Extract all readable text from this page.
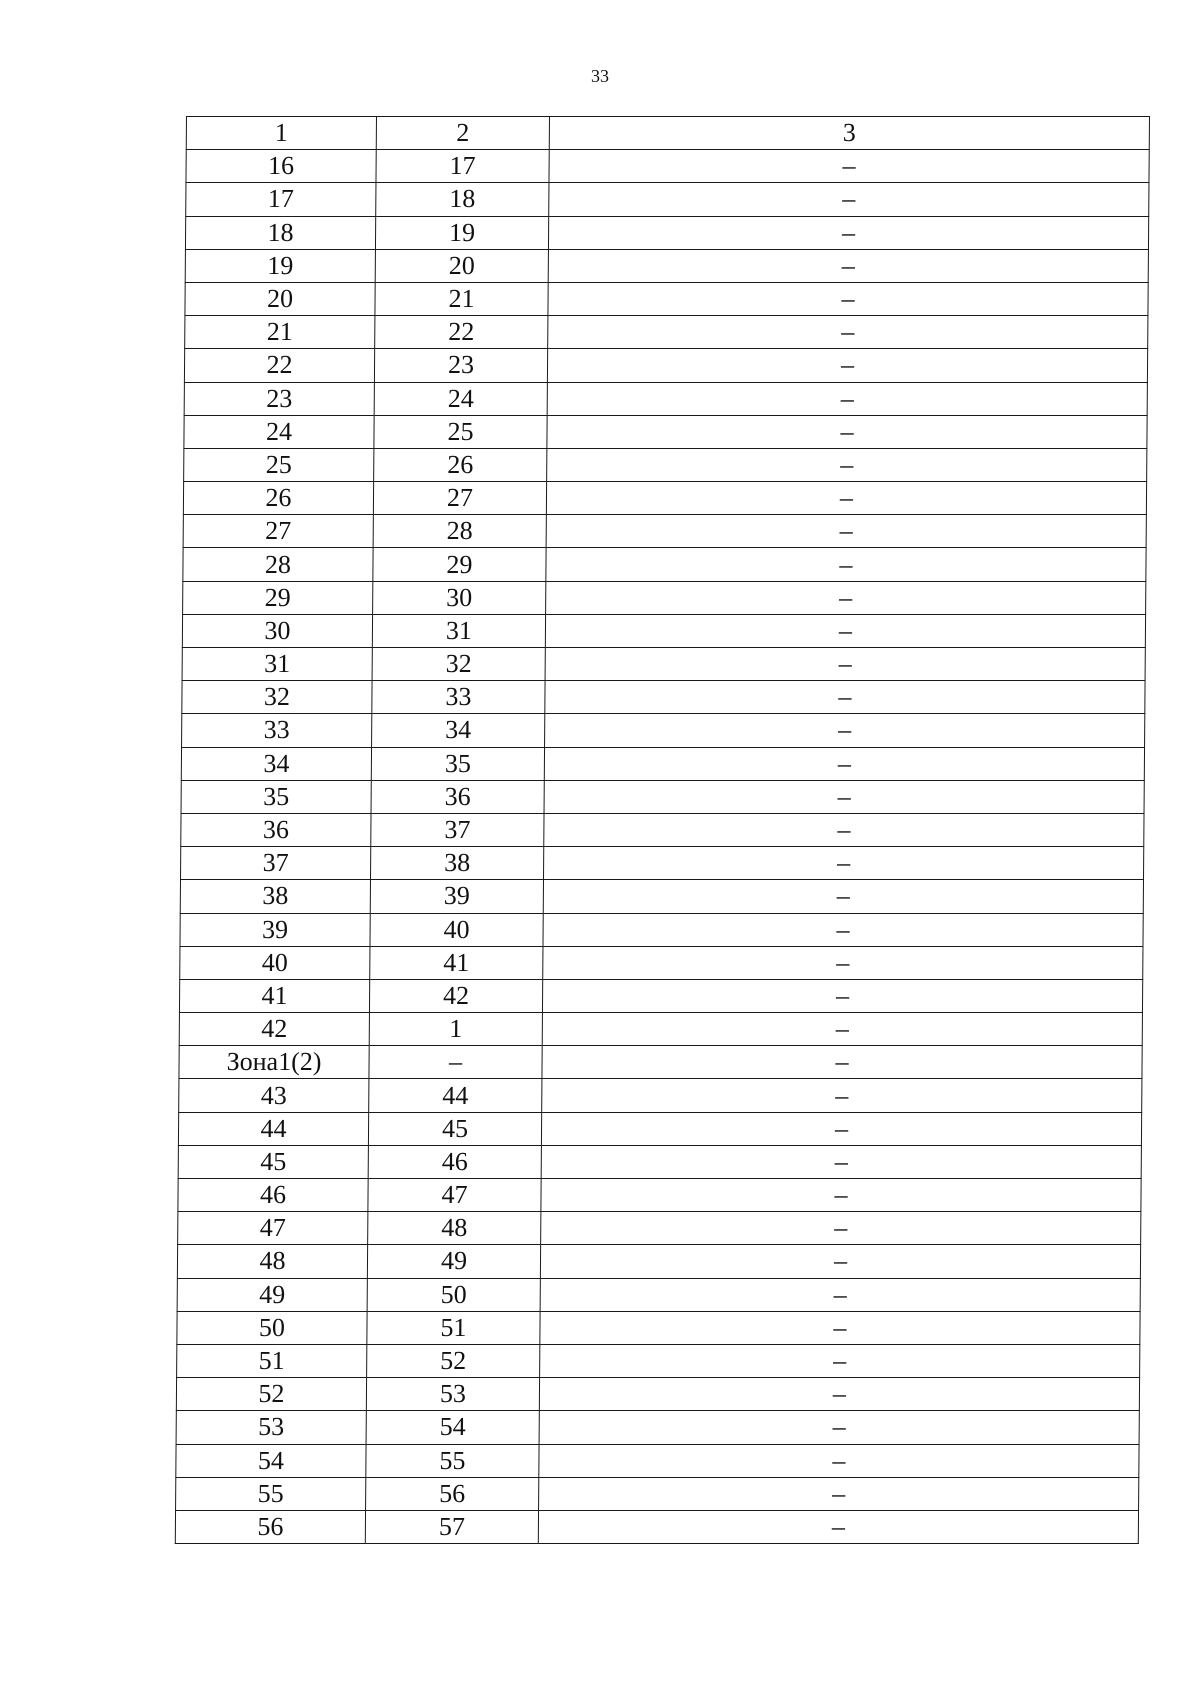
33
1	2	3
16	17	–
17	18	–
18	19	–
19	20	–
20	21	–
21	22	–
22	23	–
23	24	–
24	25	–
25	26	–
26	27	–
27	28	–
28	29	–
29	30	–
30	31	–
31	32	–
32	33	–
33	34	–
34	35	–
35	36	–
36	37	–
37	38	–
38	39	–
39	40	–
40	41	–
41	42	–
42	1	–
Зона1(2)	–	–
43	44	–
44	45	–
45	46	–
46	47	–
47	48	–
48	49	–
49	50	–
50	51	–
51	52	–
52	53	–
53	54	–
54	55	–
55	56	–
56	57	–
